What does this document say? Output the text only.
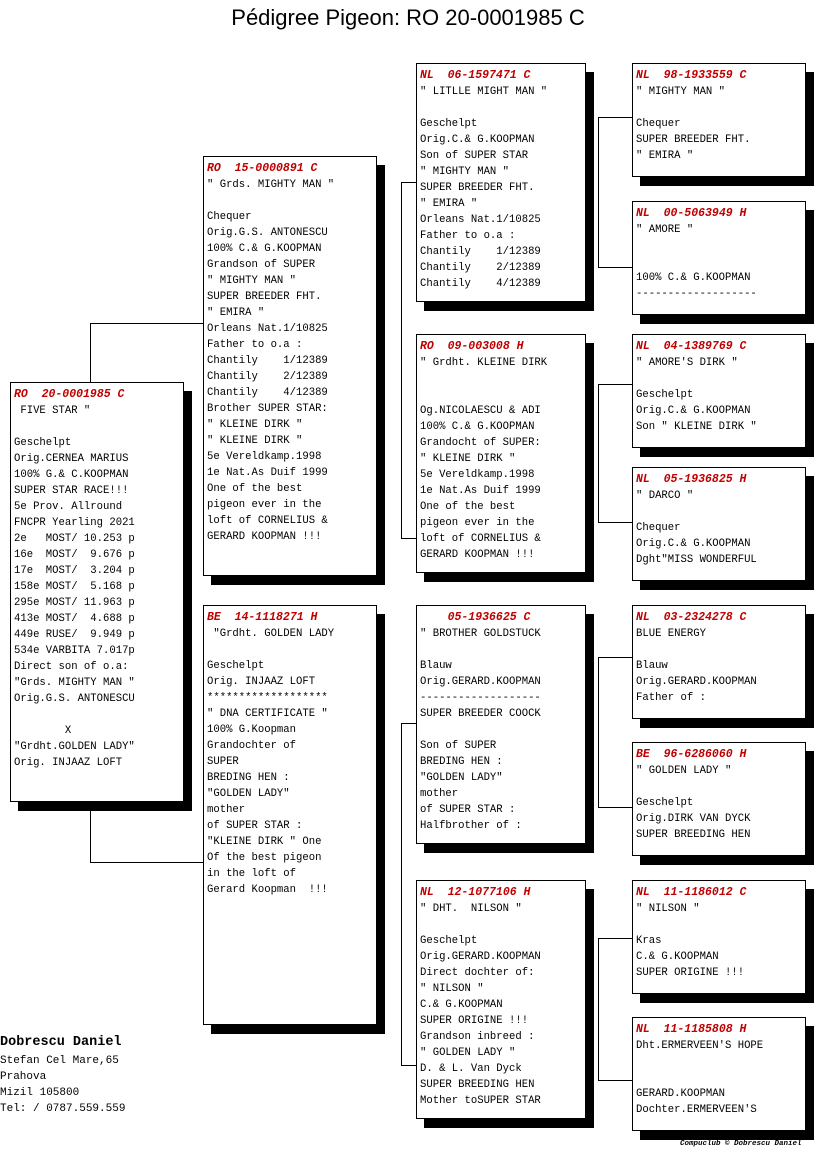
Pédigree Pigeon: RO 20-0001985 C
RO  20-0001985 C
FIVE STAR "
Geschelpt
Orig.CERNEA MARIUS
100% G.& C.KOOPMAN
SUPER STAR RACE!!!
5e Prov. Allround
FNCPR Yearling 2021
2e   MOST/ 10.253 p
16e  MOST/  9.676 p
17e  MOST/  3.204 p
158e MOST/  5.168 p
295e MOST/ 11.963 p
413e MOST/  4.688 p
449e RUSE/  9.949 p
534e VARBITA 7.017p
Direct son of o.a:
"Grds. MIGHTY MAN "
Orig.G.S. ANTONESCU
X
"Grdht.GOLDEN LADY"
Orig. INJAAZ LOFT
RO  15-0000891 C
" Grds. MIGHTY MAN "
Chequer
Orig.G.S. ANTONESCU
100% C.& G.KOOPMAN
Grandson of SUPER
" MIGHTY MAN "
SUPER BREEDER FHT.
" EMIRA "
Orleans Nat.1/10825
Father to o.a :
Chantily    1/12389
Chantily    2/12389
Chantily    4/12389
Brother SUPER STAR:
" KLEINE DIRK "
" KLEINE DIRK "
5e Vereldkamp.1998
1e Nat.As Duif 1999
One of the best
pigeon ever in the
loft of CORNELIUS &
GERARD KOOPMAN !!!
BE  14-1118271 H
"Grdht. GOLDEN LADY
Geschelpt
Orig. INJAAZ LOFT
*******************
" DNA CERTIFICATE "
100% G.Koopman
Grandochter of
SUPER
BREDING HEN :
"GOLDEN LADY"
mother
of SUPER STAR :
"KLEINE DIRK " One
Of the best pigeon
in the loft of
Gerard Koopman  !!!
NL  06-1597471 C
" LITLLE MIGHT MAN "
Geschelpt
Orig.C.& G.KOOPMAN
Son of SUPER STAR
" MIGHTY MAN "
SUPER BREEDER FHT.
" EMIRA "
Orleans Nat.1/10825
Father to o.a :
Chantily    1/12389
Chantily    2/12389
Chantily    4/12389
RO  09-003008 H
" Grdht. KLEINE DIRK
Og.NICOLAESCU & ADI
100% C.& G.KOOPMAN
Grandocht of SUPER:
" KLEINE DIRK "
5e Vereldkamp.1998
1e Nat.As Duif 1999
One of the best
pigeon ever in the
loft of CORNELIUS &
GERARD KOOPMAN !!!
05-1936625 C
" BROTHER GOLDSTUCK
Blauw
Orig.GERARD.KOOPMAN
-------------------
SUPER BREEDER COOCK
Son of SUPER
BREDING HEN :
"GOLDEN LADY"
mother
of SUPER STAR :
Halfbrother of :
NL  12-1077106 H
" DHT.  NILSON "
Geschelpt
Orig.GERARD.KOOPMAN
Direct dochter of:
" NILSON "
C.& G.KOOPMAN
SUPER ORIGINE !!!
Grandson inbreed :
" GOLDEN LADY "
D. & L. Van Dyck
SUPER BREEDING HEN
Mother toSUPER STAR
NL  98-1933559 C
" MIGHTY MAN "
Chequer
SUPER BREEDER FHT.
" EMIRA "
NL  00-5063949 H
" AMORE "
100% C.& G.KOOPMAN
-------------------
NL  04-1389769 C
" AMORE'S DIRK "
Geschelpt
Orig.C.& G.KOOPMAN
Son " KLEINE DIRK "
NL  05-1936825 H
" DARCO "
Chequer
Orig.C.& G.KOOPMAN
Dght"MISS WONDERFUL
NL  03-2324278 C
BLUE ENERGY
Blauw
Orig.GERARD.KOOPMAN
Father of :
BE  96-6286060 H
" GOLDEN LADY "
Geschelpt
Orig.DIRK VAN DYCK
SUPER BREEDING HEN
NL  11-1186012 C
" NILSON "
Kras
C.& G.KOOPMAN
SUPER ORIGINE !!!
NL  11-1185808 H
Dht.ERMERVEEN'S HOPE
GERARD.KOOPMAN
Dochter.ERMERVEEN'S
Dobrescu Daniel
Stefan Cel Mare,65
Prahova
Mizil 105800
Tel: / 0787.559.559
Compuclub © Dobrescu Daniel
